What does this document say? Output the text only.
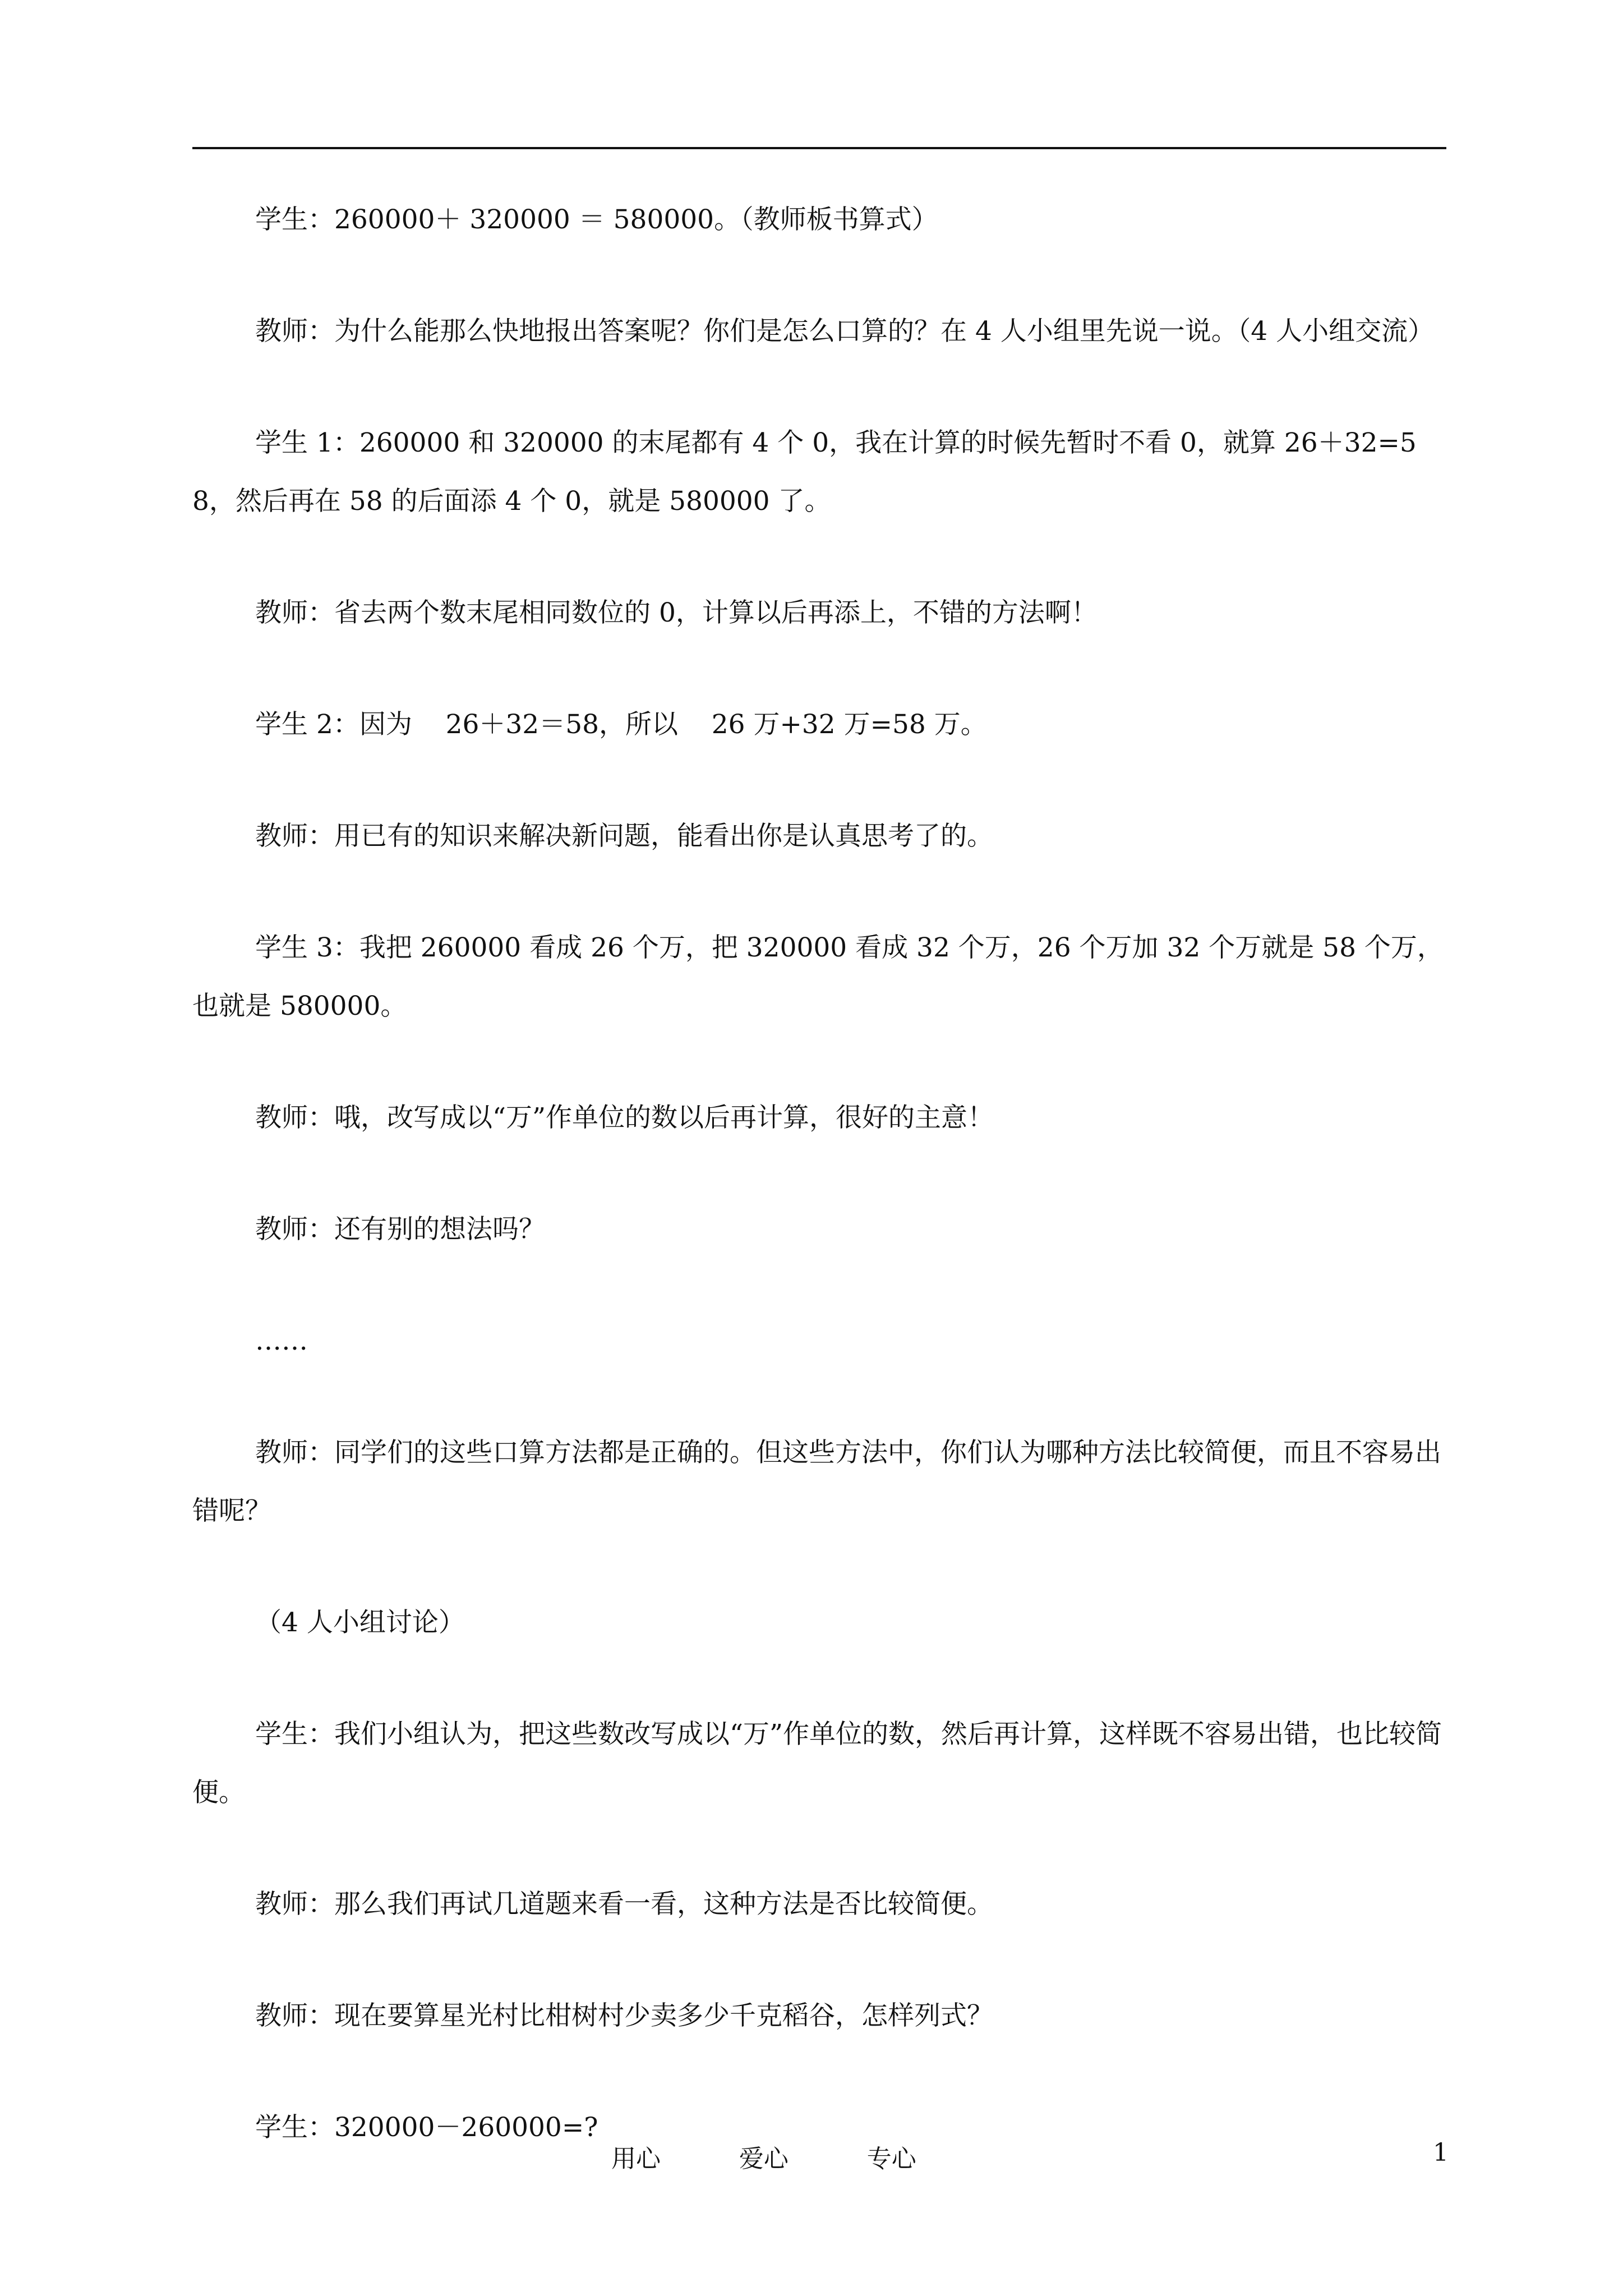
学生：260000＋ 320000 ＝ 580000。（教师板书算式）

教师：为什么能那么快地报出答案呢？你们是怎么口算的？在 4 人小组里先说一说。（4 人小组交流）

学生 1：260000 和 320000 的末尾都有 4 个 0，我在计算的时候先暂时不看 0，就算 26＋32=58，然后再在 58 的后面添 4 个 0，就是 580000 了。

教师：省去两个数末尾相同数位的 0，计算以后再添上，不错的方法啊！

学生 2：因为    26＋32＝58，所以    26 万+32 万=58 万。

教师：用已有的知识来解决新问题，能看出你是认真思考了的。

学生 3：我把 260000 看成 26 个万，把 320000 看成 32 个万，26 个万加 32 个万就是 58 个万，也就是 580000。

教师：哦，改写成以“万”作单位的数以后再计算，很好的主意！

教师：还有别的想法吗？

……

教师：同学们的这些口算方法都是正确的。但这些方法中，你们认为哪种方法比较简便，而且不容易出错呢？

（4 人小组讨论）

学生：我们小组认为，把这些数改写成以“万”作单位的数，然后再计算，这样既不容易出错，也比较简便。

教师：那么我们再试几道题来看一看，这种方法是否比较简便。

教师：现在要算星光村比柑树村少卖多少千克稻谷，怎样列式？

学生：320000－260000=?

用心          爱心          专心	1
